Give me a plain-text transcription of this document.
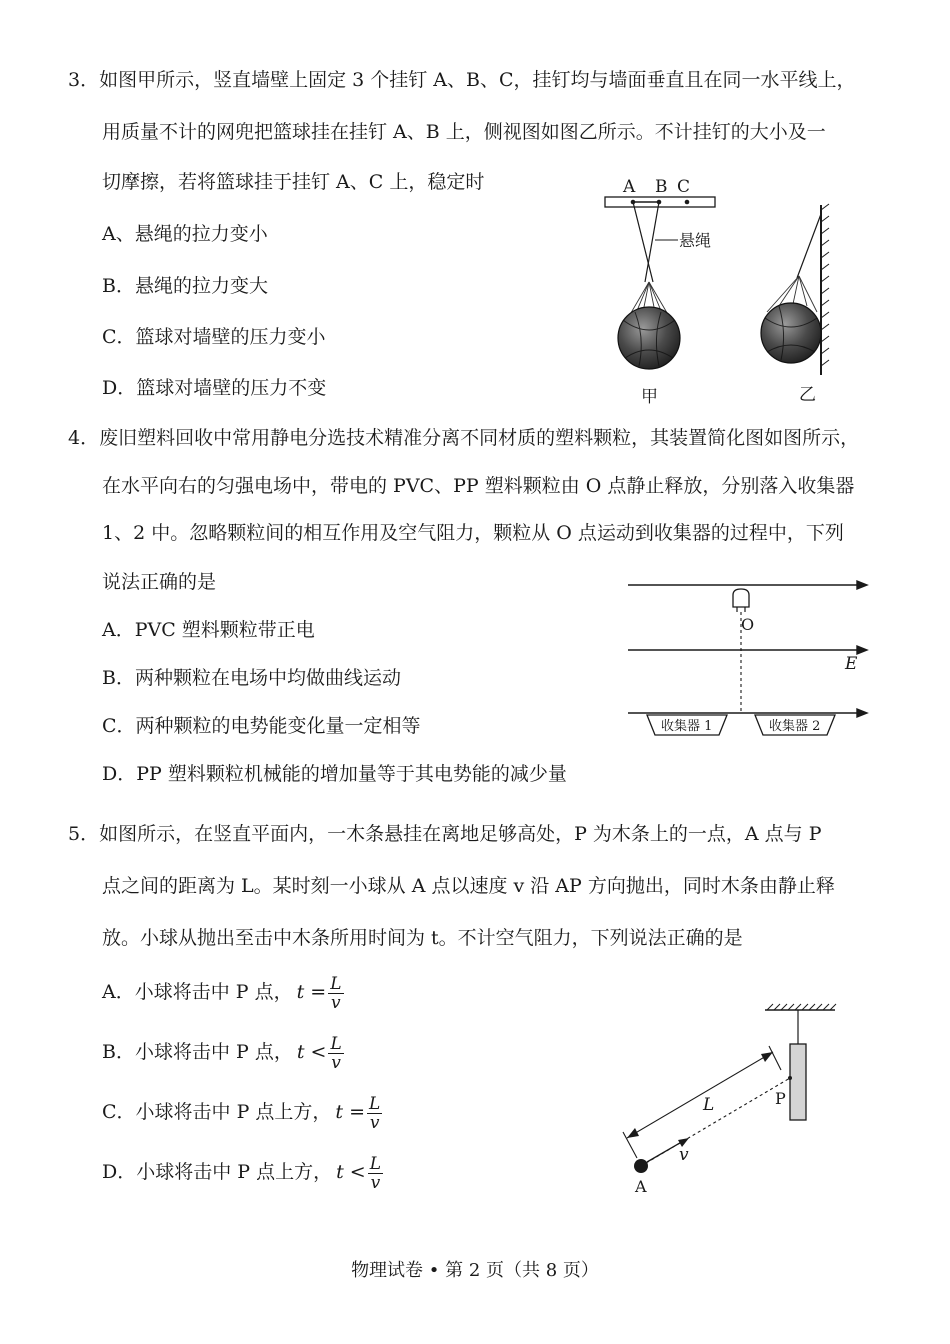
3．如图甲所示，竖直墙壁上固定 3 个挂钉 A、B、C，挂钉均与墙面垂直且在同一水平线上，
用质量不计的网兜把篮球挂在挂钉 A、B 上，侧视图如图乙所示。不计挂钉的大小及一
切摩擦，若将篮球挂于挂钉 A、C 上，稳定时
A、悬绳的拉力变小
B．悬绳的拉力变大
C．篮球对墙壁的压力变小
D．篮球对墙壁的压力不变
A B C
悬绳
甲	乙
4．废旧塑料回收中常用静电分选技术精准分离不同材质的塑料颗粒，其装置简化图如图所示，
在水平向右的匀强电场中，带电的 PVC、PP 塑料颗粒由 O 点静止释放，分别落入收集器
1、2 中。忽略颗粒间的相互作用及空气阻力，颗粒从 O 点运动到收集器的过程中，下列
说法正确的是
A．PVC 塑料颗粒带正电
B．两种颗粒在电场中均做曲线运动
C．两种颗粒的电势能变化量一定相等
D．PP 塑料颗粒机械能的增加量等于其电势能的减少量
O
E
收集器 1	收集器 2
5．如图所示，在竖直平面内，一木条悬挂在离地足够高处，P 为木条上的一点，A 点与 P
点之间的距离为 L。某时刻一小球从 A 点以速度 v 沿 AP 方向抛出，同时木条由静止释
放。小球从抛出至击中木条所用时间为 t。不计空气阻力，下列说法正确的是
A．小球将击中 P 点， $t = \frac{L}{v}$
B．小球将击中 P 点， $t < \frac{L}{v}$
C．小球将击中 P 点上方， $t = \frac{L}{v}$
D．小球将击中 P 点上方， $t < \frac{L}{v}$
P
L
v
A
物理试卷 • 第 2 页（共 8 页）
